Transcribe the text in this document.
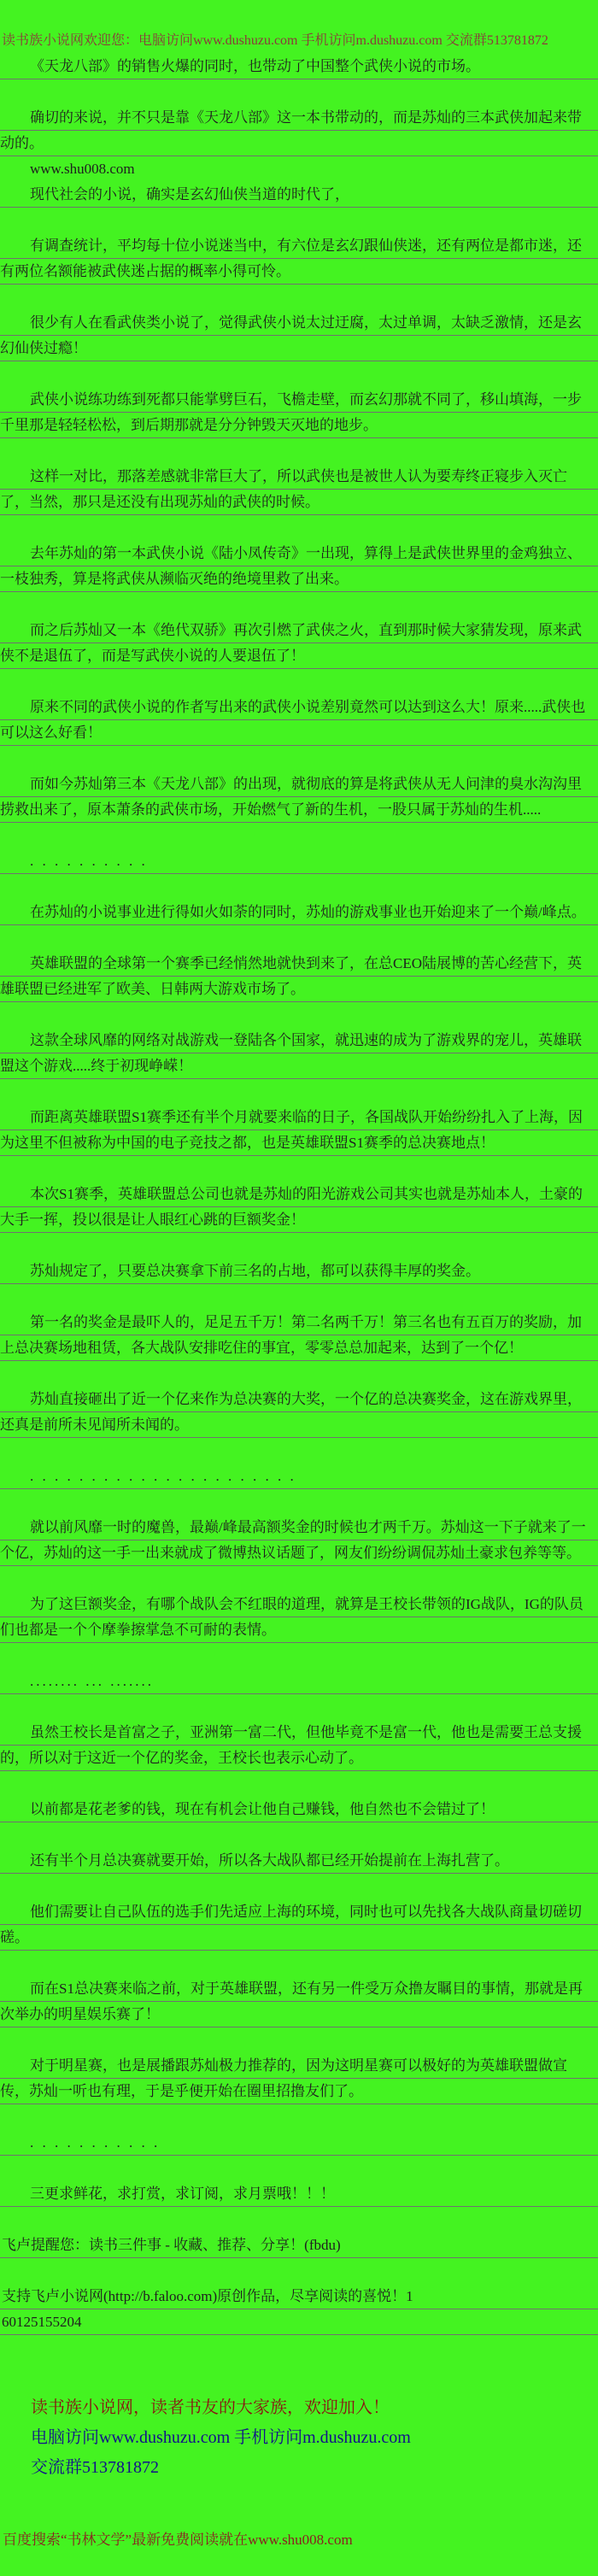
读书族小说网欢迎您：电脑访问www.dushuzu.com 手机访问m.dushuzu.com 交流群513781872

《天龙八部》的销售火爆的同时，也带动了中国整个武侠小说的市场。

确切的来说，并不只是靠《天龙八部》这一本书带动的，而是苏灿的三本武侠加起来带动的。

www.shu008.com

现代社会的小说，确实是玄幻仙侠当道的时代了，

有调查统计，平均每十位小说迷当中，有六位是玄幻跟仙侠迷，还有两位是都市迷，还有两位名额能被武侠迷占据的概率小得可怜。

很少有人在看武侠类小说了，觉得武侠小说太过迂腐，太过单调，太缺乏激情，还是玄幻仙侠过瘾！

武侠小说练功练到死都只能掌劈巨石，飞檐走壁，而玄幻那就不同了，移山填海，一步千里那是轻轻松松，到后期那就是分分钟毁天灭地的地步。

这样一对比，那落差感就非常巨大了，所以武侠也是被世人认为要寿终正寝步入灭亡了，当然，那只是还没有出现苏灿的武侠的时候。

去年苏灿的第一本武侠小说《陆小凤传奇》一出现，算得上是武侠世界里的金鸡独立、一枝独秀，算是将武侠从濒临灭绝的绝境里救了出来。

而之后苏灿又一本《绝代双骄》再次引燃了武侠之火，直到那时候大家猜发现，原来武侠不是退伍了，而是写武侠小说的人要退伍了！

原来不同的武侠小说的作者写出来的武侠小说差别竟然可以达到这么大！原来.....武侠也可以这么好看！

而如今苏灿第三本《天龙八部》的出现，就彻底的算是将武侠从无人问津的臭水沟沟里捞救出来了，原本萧条的武侠市场，开始燃气了新的生机，一股只属于苏灿的生机.....

. . . . . . . . . .

在苏灿的小说事业进行得如火如荼的同时，苏灿的游戏事业也开始迎来了一个巅/峰点。

英雄联盟的全球第一个赛季已经悄然地就快到来了，在总CEO陆展博的苦心经营下，英雄联盟已经进军了欧美、日韩两大游戏市场了。

这款全球风靡的网络对战游戏一登陆各个国家，就迅速的成为了游戏界的宠儿，英雄联盟这个游戏.....终于初现峥嵘！

而距离英雄联盟S1赛季还有半个月就要来临的日子，各国战队开始纷纷扎入了上海，因为这里不但被称为中国的电子竞技之都，也是英雄联盟S1赛季的总决赛地点！

本次S1赛季，英雄联盟总公司也就是苏灿的阳光游戏公司其实也就是苏灿本人，土豪的大手一挥，投以很是让人眼红心跳的巨额奖金！

苏灿规定了，只要总决赛拿下前三名的占地，都可以获得丰厚的奖金。

第一名的奖金是最吓人的，足足五千万！第二名两千万！第三名也有五百万的奖励，加上总决赛场地租赁，各大战队安排吃住的事宜，零零总总加起来，达到了一个亿！

苏灿直接砸出了近一个亿来作为总决赛的大奖，一个亿的总决赛奖金，这在游戏界里，还真是前所未见闻所未闻的。

. . . . . . . . . . . . . . . . . . . . . .

就以前风靡一时的魔兽，最巅/峰最高额奖金的时候也才两千万。苏灿这一下子就来了一个亿，苏灿的这一手一出来就成了微博热议话题了，网友们纷纷调侃苏灿土豪求包养等等。

为了这巨额奖金，有哪个战队会不红眼的道理，就算是王校长带领的IG战队，IG的队员们也都是一个个摩拳擦掌急不可耐的表情。

........ ... .......

虽然王校长是首富之子，亚洲第一富二代，但他毕竟不是富一代，他也是需要王总支援的，所以对于这近一个亿的奖金，王校长也表示心动了。

以前都是花老爹的钱，现在有机会让他自己赚钱，他自然也不会错过了！

还有半个月总决赛就要开始，所以各大战队都已经开始提前在上海扎营了。

他们需要让自己队伍的选手们先适应上海的环境，同时也可以先找各大战队商量切磋切磋。

而在S1总决赛来临之前，对于英雄联盟，还有另一件受万众撸友瞩目的事情，那就是再次举办的明星娱乐赛了！

对于明星赛，也是展播跟苏灿极力推荐的，因为这明星赛可以极好的为英雄联盟做宣传，苏灿一听也有理，于是乎便开始在圈里招撸友们了。

. . . . . . . . . . .

三更求鲜花，求打赏，求订阅，求月票哦！！！

飞卢提醒您：读书三件事 - 收藏、推荐、分享！(fbdu)

支持飞卢小说网(http://b.faloo.com)原创作品，尽享阅读的喜悦！1
60125155204

读书族小说网，读者书友的大家族，欢迎加入！
电脑访问www.dushuzu.com 手机访问m.dushuzu.com
交流群513781872
百度搜索“书林文学”最新免费阅读就在www.shu008.com
